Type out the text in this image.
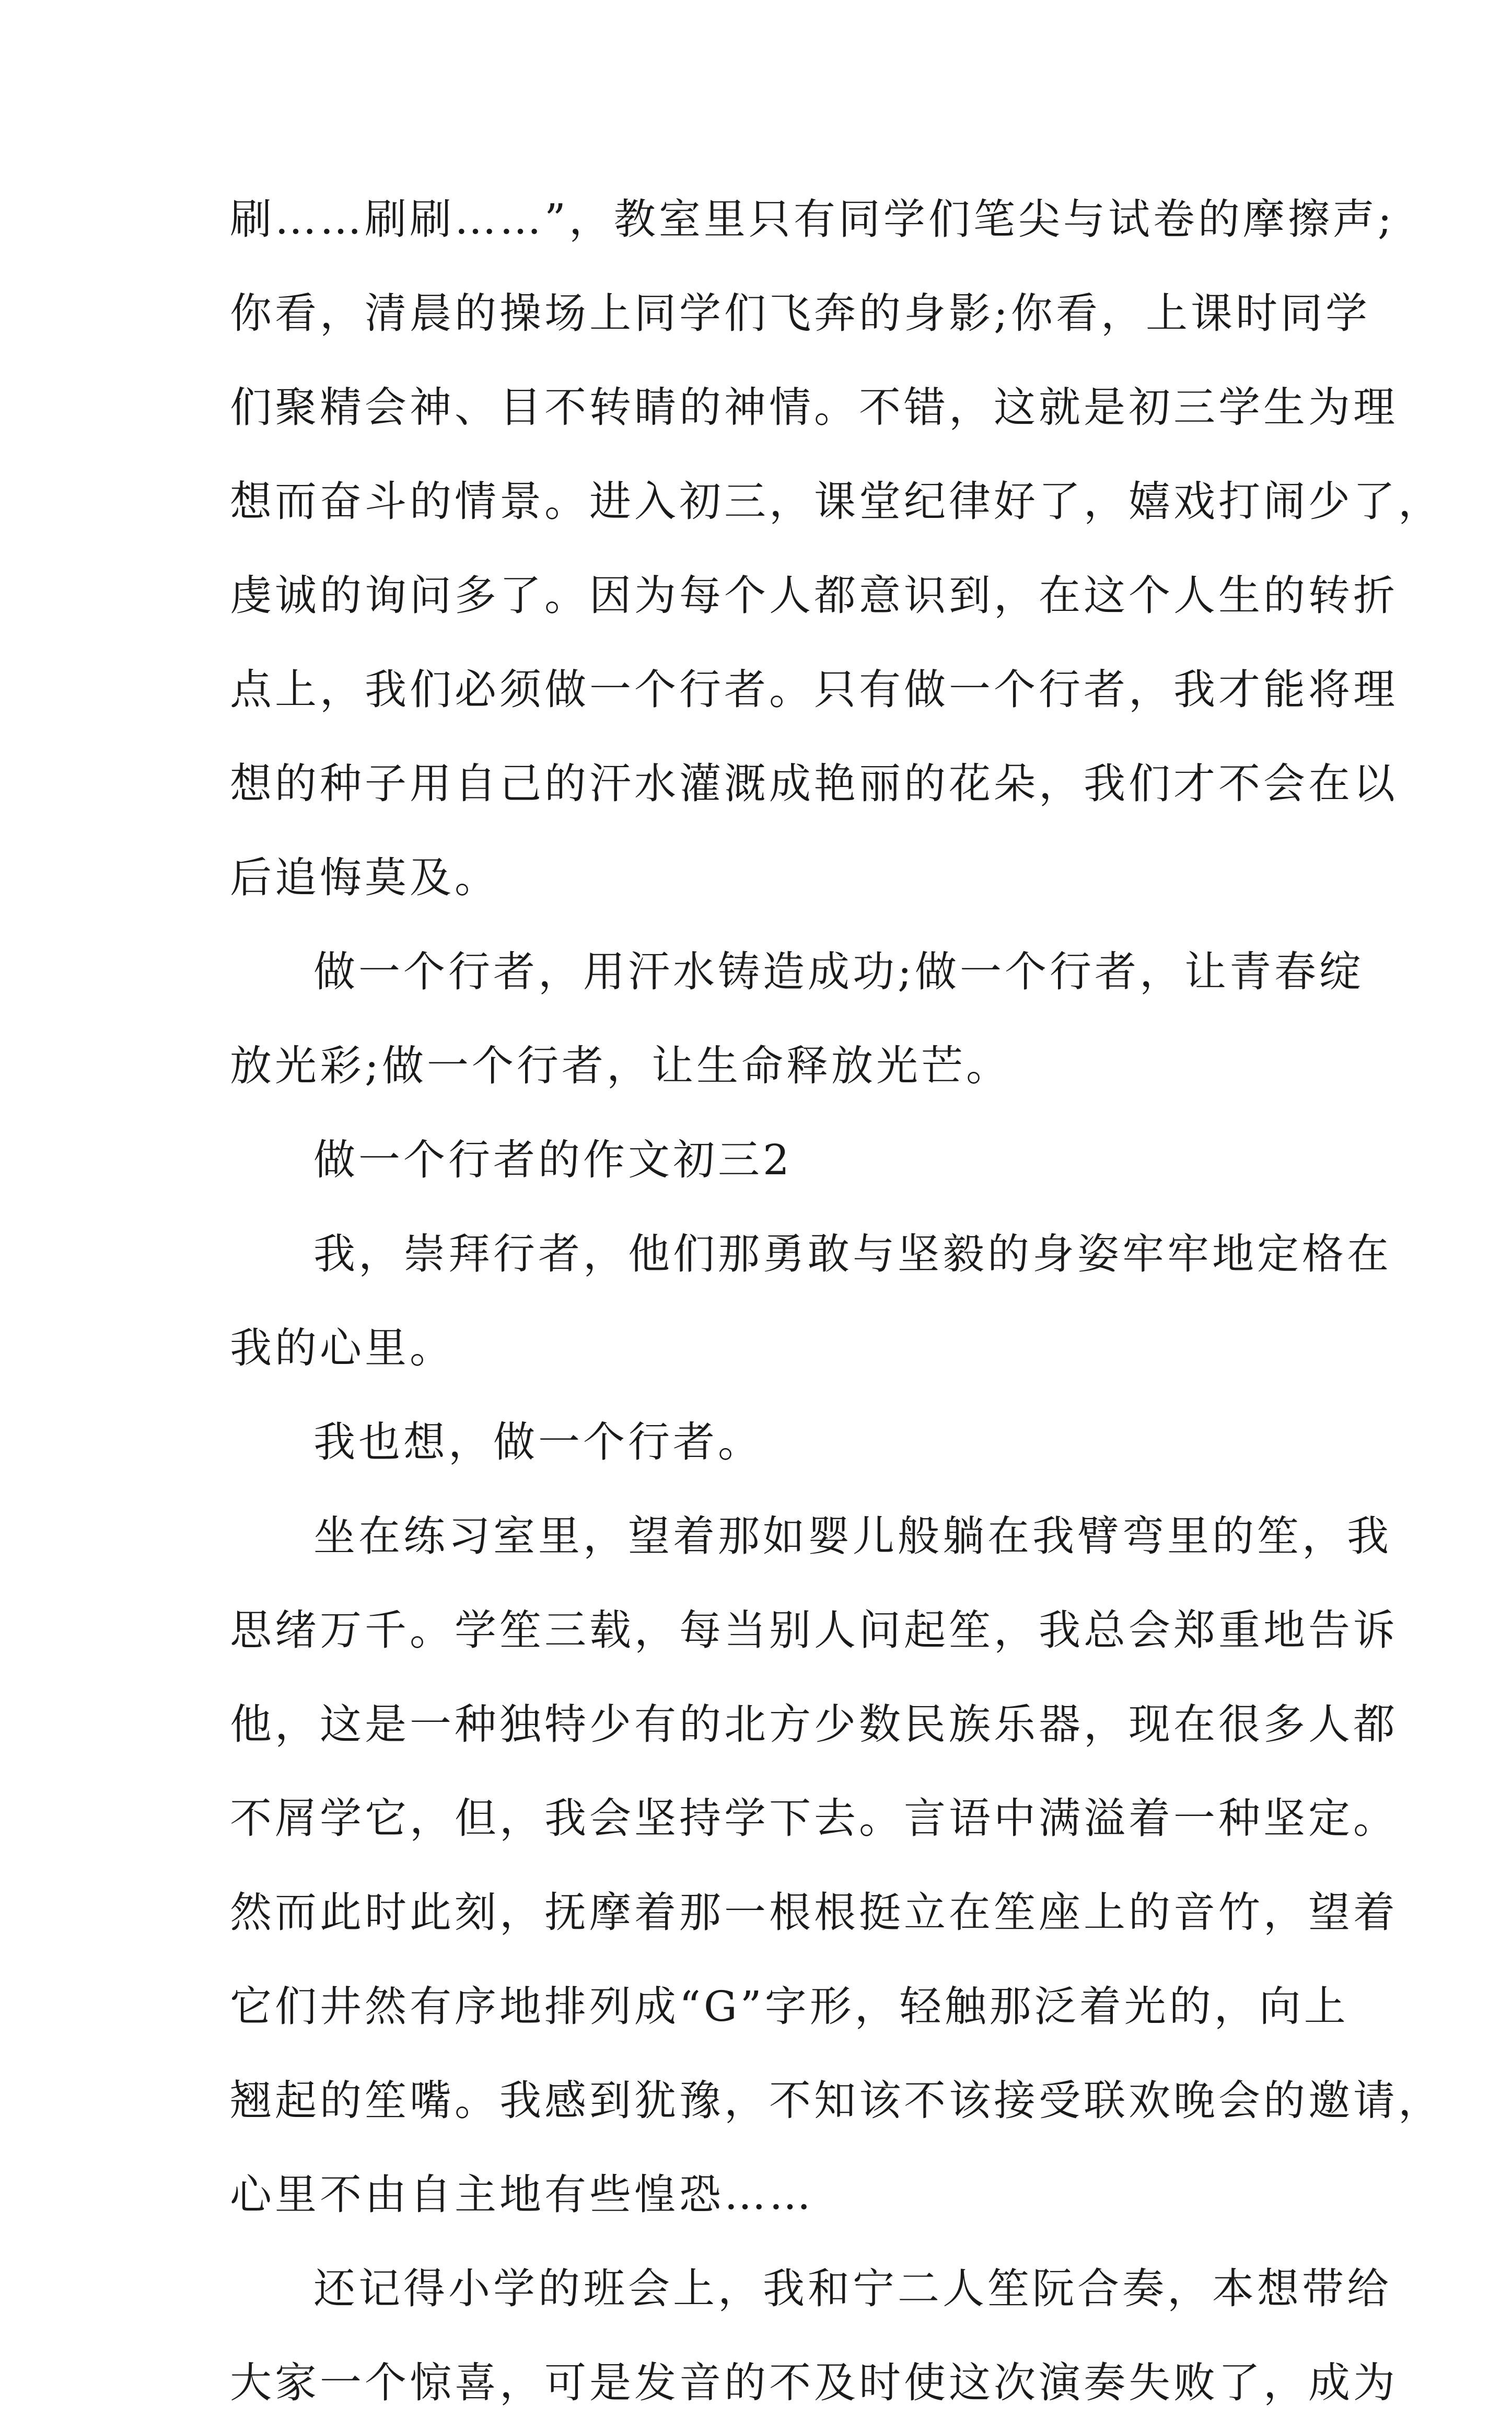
刷……刷刷……”，教室里只有同学们笔尖与试卷的摩擦声;
你看，清晨的操场上同学们飞奔的身影;你看，上课时同学
们聚精会神、目不转睛的神情。不错，这就是初三学生为理
想而奋斗的情景。进入初三，课堂纪律好了，嬉戏打闹少了，
虔诚的询问多了。因为每个人都意识到，在这个人生的转折
点上，我们必须做一个行者。只有做一个行者，我才能将理
想的种子用自己的汗水灌溉成艳丽的花朵，我们才不会在以
后追悔莫及。
做一个行者，用汗水铸造成功;做一个行者，让青春绽
放光彩;做一个行者，让生命释放光芒。
做一个行者的作文初三2
我，崇拜行者，他们那勇敢与坚毅的身姿牢牢地定格在
我的心里。
我也想，做一个行者。
坐在练习室里，望着那如婴儿般躺在我臂弯里的笙，我
思绪万千。学笙三载，每当别人问起笙，我总会郑重地告诉
他，这是一种独特少有的北方少数民族乐器，现在很多人都
不屑学它，但，我会坚持学下去。言语中满溢着一种坚定。
然而此时此刻，抚摩着那一根根挺立在笙座上的音竹，望着
它们井然有序地排列成“G”字形，轻触那泛着光的，向上
翘起的笙嘴。我感到犹豫，不知该不该接受联欢晚会的邀请，
心里不由自主地有些惶恐……
还记得小学的班会上，我和宁二人笙阮合奏，本想带给
大家一个惊喜，可是发音的不及时使这次演奏失败了，成为
